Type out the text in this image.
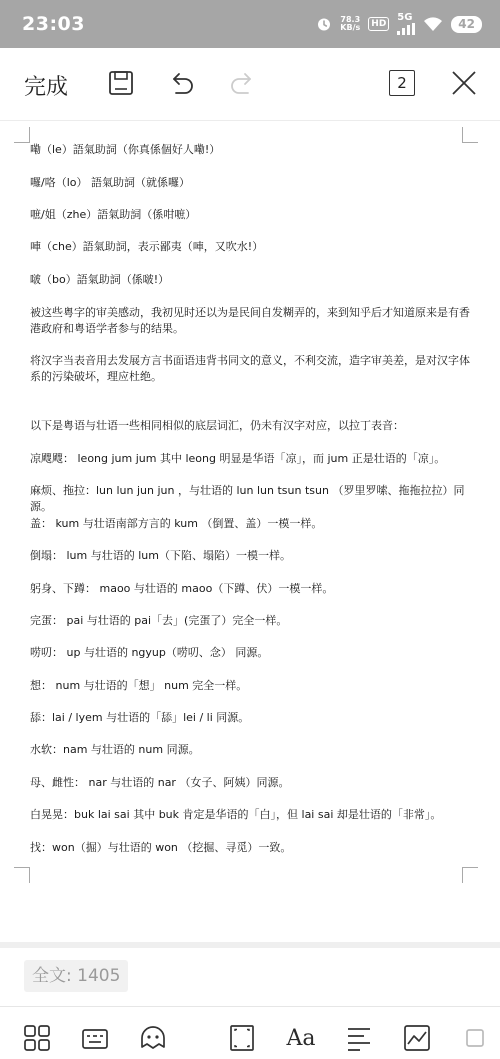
23:03	78.3
KB/s	HD
5G	42
完成	2
嘞（le）語氣助詞（你真係個好人嘞!）
囉/咯（lo） 語氣助詞（就係囉）
嗻/姐（zhe）語氣助詞（係咁嗻）
唓（che）語氣助詞，表示鄙夷（唓，又吹水!）
啵（bo）語氣助詞（係啵!）
被这些粤字的审美感动，我初见时还以为是民间自发糊弄的，来到知乎后才知道原来是有香港政府和粤语学者参与的结果。
将汉字当表音用去发展方言书面语违背书同文的意义，不利交流，造字审美差，是对汉字体系的污染破坏，理应杜绝。
以下是粤语与壮语一些相同相似的底层词汇，仍未有汉字对应，以拉丁表音：
凉飕飕： leong jum jum 其中 leong 明显是华语「凉」，而 jum 正是壮语的「凉」。
麻烦、拖拉：lun lun jun jun ，与壮语的 lun lun tsun tsun （罗里罗嗦、拖拖拉拉）同源。
盖： kum 与壮语南部方言的 kum （倒置、盖）一模一样。
倒塌： lum 与壮语的 lum（下陷、塌陷）一模一样。
躬身、下蹲： maoo 与壮语的 maoo（下蹲、伏）一模一样。
完蛋： pai 与壮语的 pai「去」(完蛋了）完全一样。
唠叨： up 与壮语的 ngyup（唠叨、念） 同源。
想： num 与壮语的「想」 num 完全一样。
舔：lai / lyem 与壮语的「舔」lei / li 同源。
水软：nam 与壮语的 num 同源。
母、雌性： nar 与壮语的 nar （女子、阿姨）同源。
白晃晃：buk lai sai 其中 buk 肯定是华语的「白」，但 lai sai 却是壮语的「非常」。
找：won（掘）与壮语的 won （挖掘、寻觅）一致。
全文: 1405
Aa
